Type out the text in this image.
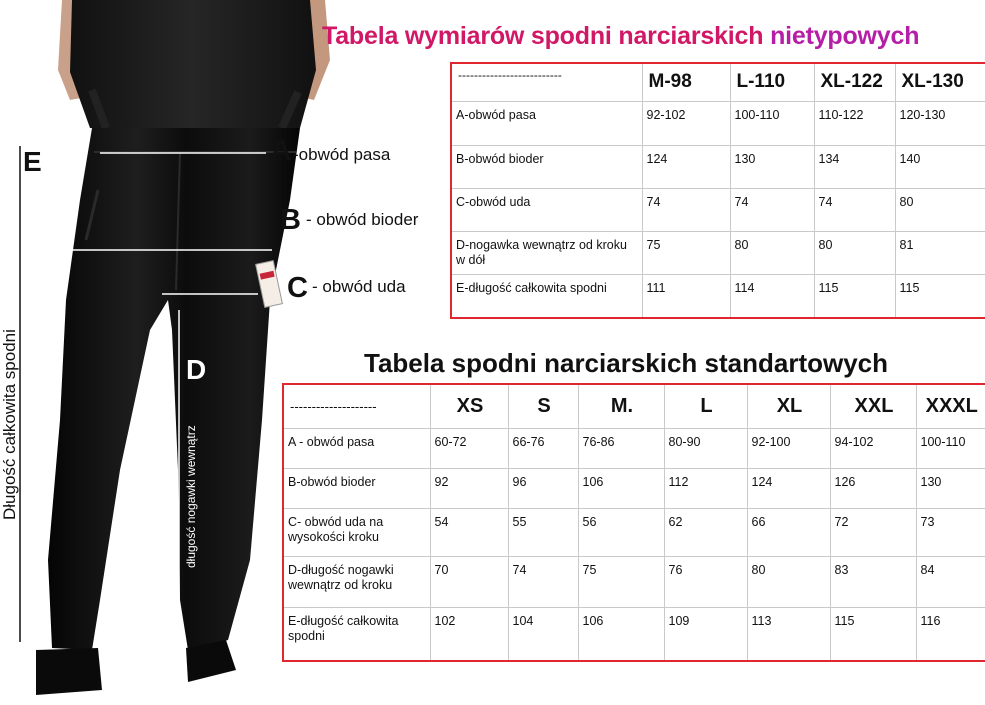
A -obwód pasa
B - obwód bioder
C - obwód uda
D
E
długość nogawki wewnątrz
Długość całkowita spodni
Tabela wymiarów spodni narciarskich nietypowych
--------------------------	M-98	L-110	XL-122	XL-130
A-obwód pasa	92-102	100-110	110-122	120-130
B-obwód bioder	124	130	134	140
C-obwód uda	74	74	74	80
D-nogawka wewnątrz od kroku w dół	75	80	80	81
E-długość całkowita spodni	111	114	115	115
Tabela spodni narciarskich standartowych
--------------------	XS	S	M.	L	XL	XXL	XXXL
A - obwód pasa	60-72	66-76	76-86	80-90	92-100	94-102	100-110
B-obwód bioder	92	96	106	112	124	126	130
C- obwód uda na wysokości kroku	54	55	56	62	66	72	73
D-długość nogawki wewnątrz od kroku	70	74	75	76	80	83	84
E-długość całkowita spodni	102	104	106	109	113	115	116
